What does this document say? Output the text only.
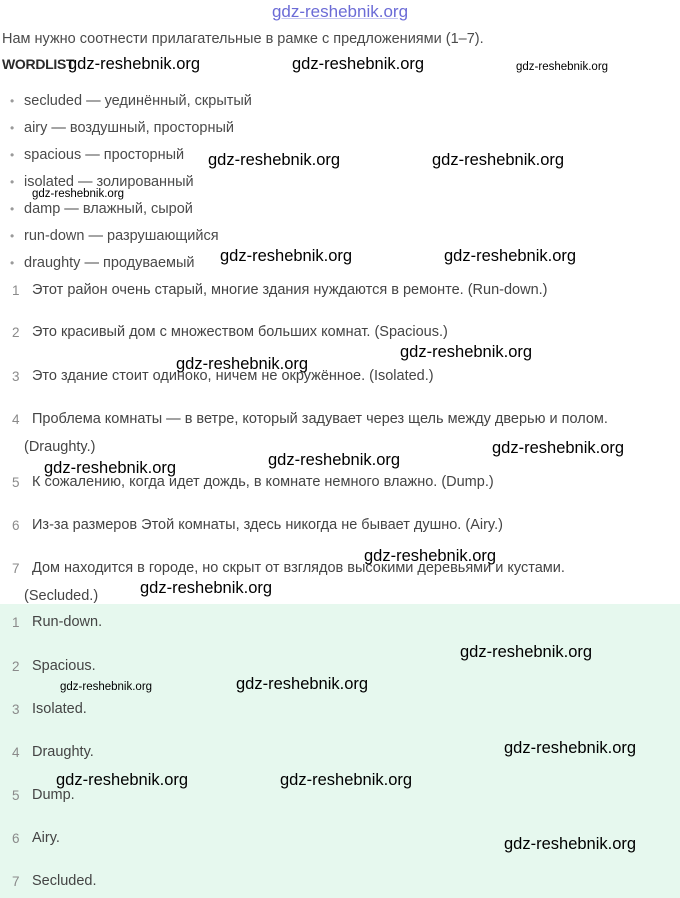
gdz-reshebnik.org
Нам нужно соотнести прилагательные в рамке с предложениями (1–7).
WORDLIST
• secluded — уединённый, скрытый
• airy — воздушный, просторный
• spacious — просторный
• isolated — золированный
• damp — влажный, сырой
• run-down — разрушающийся
• draughty — продуваемый
1 Этот район очень старый, многие здания нуждаются в ремонте. (Run-down.)
2 Это красивый дом с множеством больших комнат. (Spacious.)
3 Это здание стоит одиноко, ничем не окружённое. (Isolated.)
4 Проблема комнаты — в ветре, который задувает через щель между дверью и полом.
(Draughty.)
5 К сожалению, когда идет дождь, в комнате немного влажно. (Dump.)
6 Из-за размеров Этой комнаты, здесь никогда не бывает душно. (Airy.)
7 Дом находится в городе, но скрыт от взглядов высокими деревьями и кустами.
(Secluded.)
1 Run-down.
2 Spacious.
3 Isolated.
4 Draughty.
5 Dump.
6 Airy.
7 Secluded.
gdz-reshebnik.org	gdz-reshebnik.org	gdz-reshebnik.org
gdz-reshebnik.org	gdz-reshebnik.org
gdz-reshebnik.org
gdz-reshebnik.org	gdz-reshebnik.org
gdz-reshebnik.org
gdz-reshebnik.org
gdz-reshebnik.org
gdz-reshebnik.org
gdz-reshebnik.org
gdz-reshebnik.org
gdz-reshebnik.org
gdz-reshebnik.org
gdz-reshebnik.org	gdz-reshebnik.org
gdz-reshebnik.org
gdz-reshebnik.org	gdz-reshebnik.org
gdz-reshebnik.org
